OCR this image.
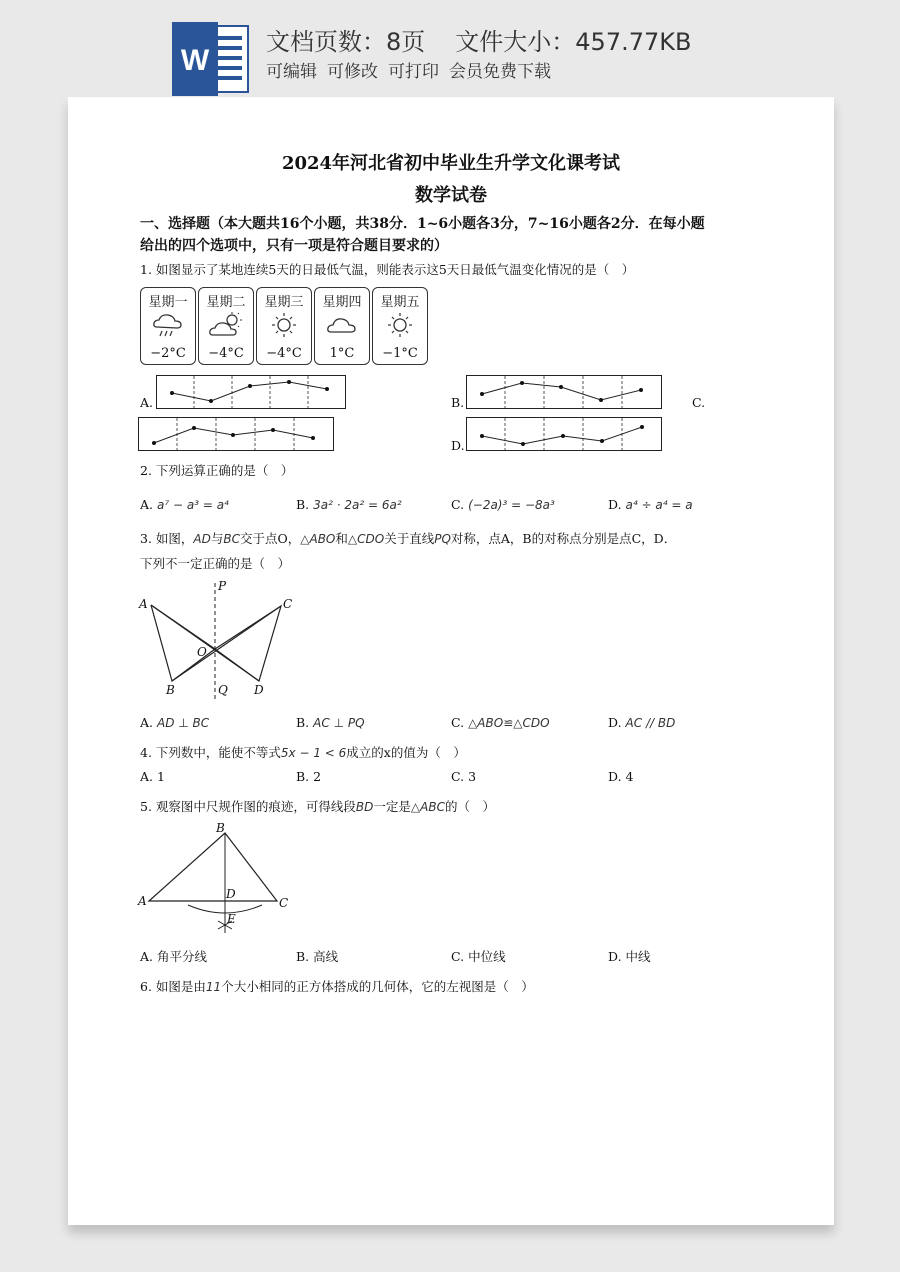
W
文档页数：8页 文件大小：457.77KB
可编辑 可修改 可打印 会员免费下载
2024年河北省初中毕业生升学文化课考试
数学试卷
一、选择题（本大题共16个小题，共38分．1~6小题各3分，7~16小题各2分．在每小题
给出的四个选项中，只有一项是符合题目要求的）
1. 如图显示了某地连续5天的日最低气温，则能表示这5天日最低气温变化情况的是（　）
星期一
−2°C
星期二
−4°C
星期三
−4°C
星期四
1°C
星期五
−1°C
A.	B.	C.
D.
2. 下列运算正确的是（　）
A. a⁷ − a³ = a⁴	B. 3a² · 2a² = 6a²	C. (−2a)³ = −8a³	D. a⁴ ÷ a⁴ = a
3. 如图，AD与BC交于点O，△ABO和△CDO关于直线PQ对称，点A，B的对称点分别是点C，D．
下列不一定正确的是（　）
P
A	C
O
B	Q D
A. AD ⊥ BC	B. AC ⊥ PQ	C. △ABO≌△CDO	D. AC // BD
4. 下列数中，能使不等式5x − 1 < 6成立的x的值为（　）
A. 1	B. 2	C. 3	D. 4
5. 观察图中尺规作图的痕迹，可得线段BD一定是△ABC的（　）
B
A	D
C
E
A. 角平分线	B. 高线	C. 中位线	D. 中线
6. 如图是由11个大小相同的正方体搭成的几何体，它的左视图是（　）
